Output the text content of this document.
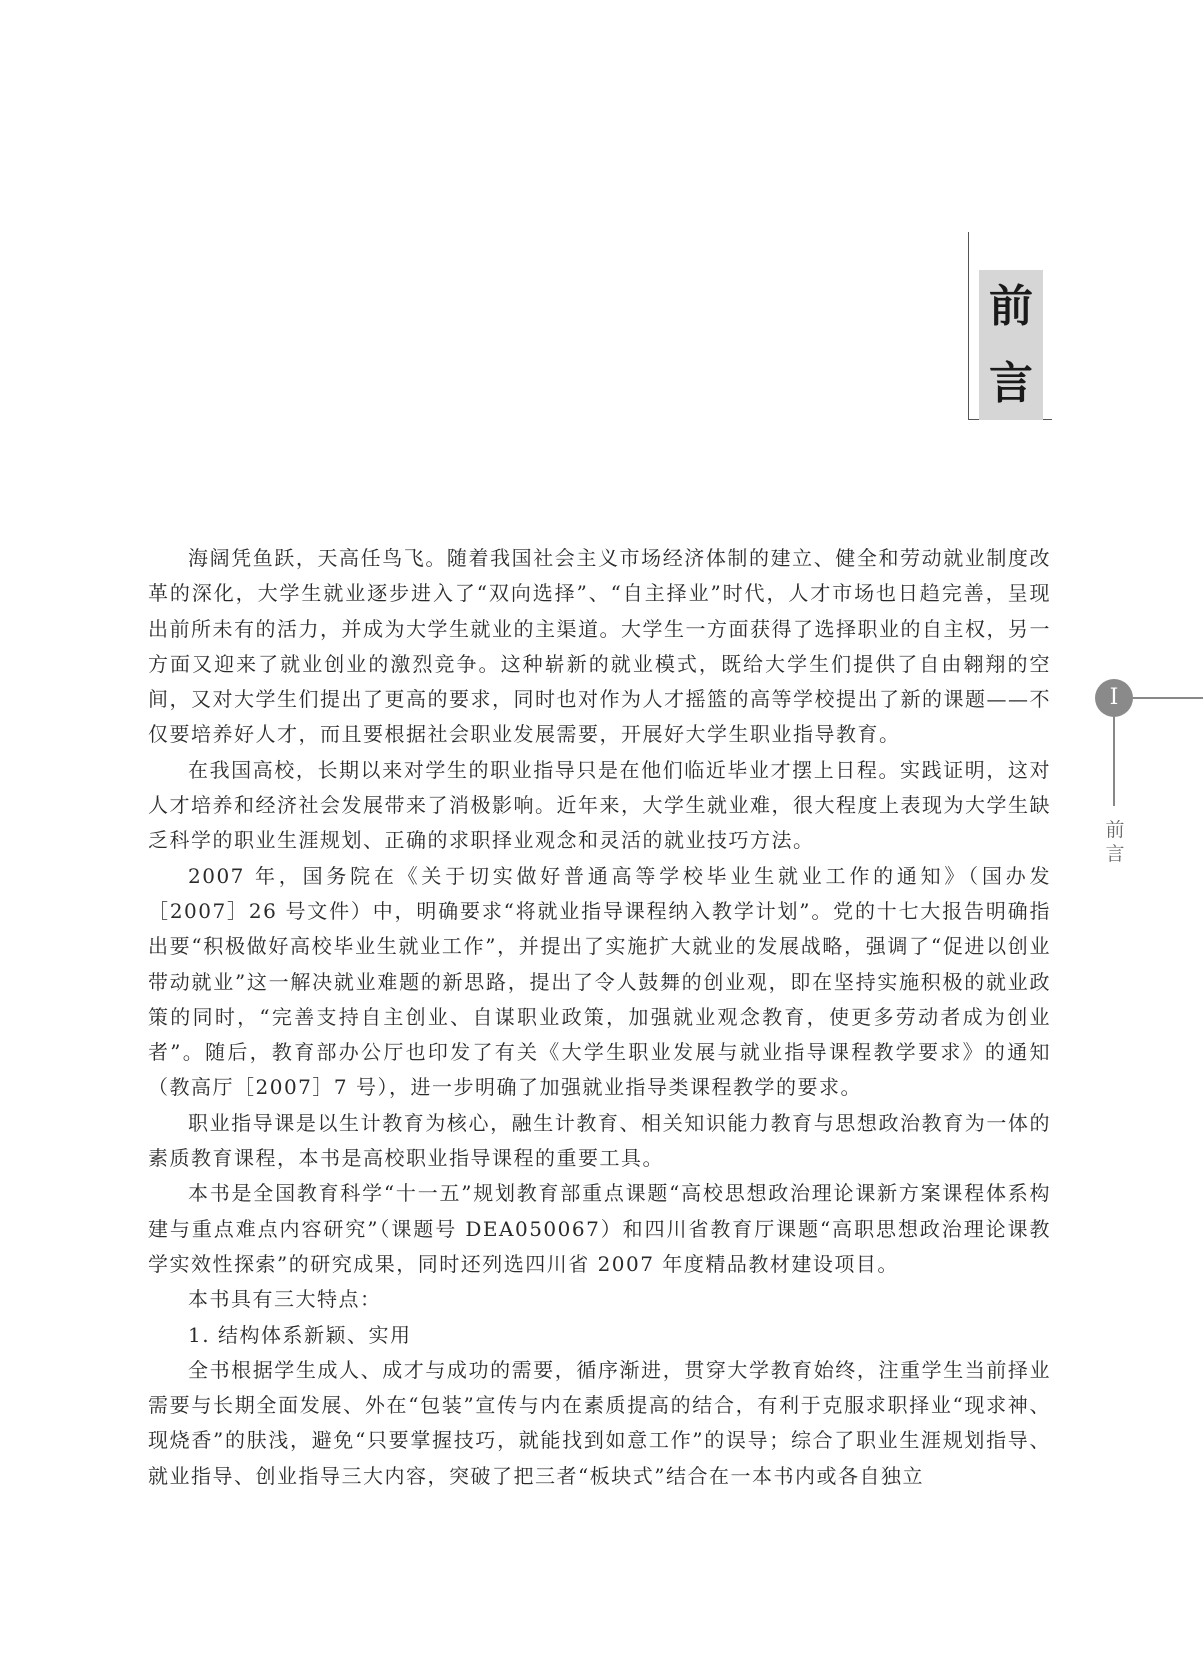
前
言
I
前
言

海阔凭鱼跃，天高任鸟飞。随着我国社会主义市场经济体制的建立、健全和劳动就业制度改革的深化，大学生就业逐步进入了“双向选择”、“自主择业”时代，人才市场也日趋完善，呈现出前所未有的活力，并成为大学生就业的主渠道。大学生一方面获得了选择职业的自主权，另一方面又迎来了就业创业的激烈竞争。这种崭新的就业模式，既给大学生们提供了自由翱翔的空间，又对大学生们提出了更高的要求，同时也对作为人才摇篮的高等学校提出了新的课题——不仅要培养好人才，而且要根据社会职业发展需要，开展好大学生职业指导教育。

在我国高校，长期以来对学生的职业指导只是在他们临近毕业才摆上日程。实践证明，这对人才培养和经济社会发展带来了消极影响。近年来，大学生就业难，很大程度上表现为大学生缺乏科学的职业生涯规划、正确的求职择业观念和灵活的就业技巧方法。

2007 年，国务院在《关于切实做好普通高等学校毕业生就业工作的通知》（国办发［2007］26 号文件）中，明确要求“将就业指导课程纳入教学计划”。党的十七大报告明确指出要“积极做好高校毕业生就业工作”，并提出了实施扩大就业的发展战略，强调了“促进以创业带动就业”这一解决就业难题的新思路，提出了令人鼓舞的创业观，即在坚持实施积极的就业政策的同时，“完善支持自主创业、自谋职业政策，加强就业观念教育，使更多劳动者成为创业者”。随后，教育部办公厅也印发了有关《大学生职业发展与就业指导课程教学要求》的通知（教高厅［2007］7 号），进一步明确了加强就业指导类课程教学的要求。

职业指导课是以生计教育为核心，融生计教育、相关知识能力教育与思想政治教育为一体的素质教育课程，本书是高校职业指导课程的重要工具。

本书是全国教育科学“十一五”规划教育部重点课题“高校思想政治理论课新方案课程体系构建与重点难点内容研究”（课题号 DEA050067）和四川省教育厅课题“高职思想政治理论课教学实效性探索”的研究成果，同时还列选四川省 2007 年度精品教材建设项目。

本书具有三大特点：

1. 结构体系新颖、实用

全书根据学生成人、成才与成功的需要，循序渐进，贯穿大学教育始终，注重学生当前择业需要与长期全面发展、外在“包装”宣传与内在素质提高的结合，有利于克服求职择业“现求神、现烧香”的肤浅，避免“只要掌握技巧，就能找到如意工作”的误导；综合了职业生涯规划指导、就业指导、创业指导三大内容，突破了把三者“板块式”结合在一本书内或各自独立
